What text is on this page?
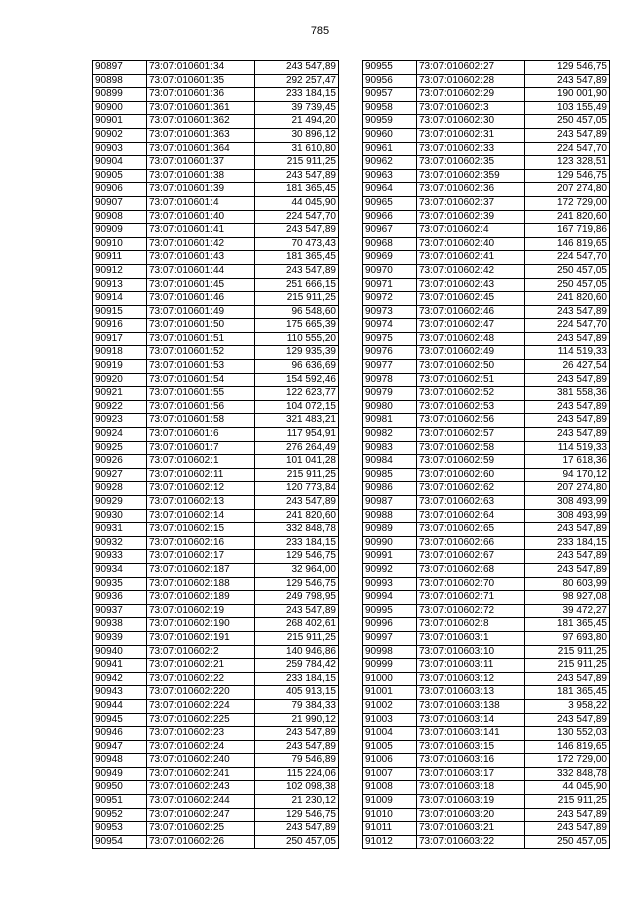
785
90897	73:07:010601:34	243 547,89
90898	73:07:010601:35	292 257,47
90899	73:07:010601:36	233 184,15
90900	73:07:010601:361	39 739,45
90901	73:07:010601:362	21 494,20
90902	73:07:010601:363	30 896,12
90903	73:07:010601:364	31 610,80
90904	73:07:010601:37	215 911,25
90905	73:07:010601:38	243 547,89
90906	73:07:010601:39	181 365,45
90907	73:07:010601:4	44 045,90
90908	73:07:010601:40	224 547,70
90909	73:07:010601:41	243 547,89
90910	73:07:010601:42	70 473,43
90911	73:07:010601:43	181 365,45
90912	73:07:010601:44	243 547,89
90913	73:07:010601:45	251 666,15
90914	73:07:010601:46	215 911,25
90915	73:07:010601:49	96 548,60
90916	73:07:010601:50	175 665,39
90917	73:07:010601:51	110 555,20
90918	73:07:010601:52	129 935,39
90919	73:07:010601:53	96 636,69
90920	73:07:010601:54	154 592,46
90921	73:07:010601:55	122 623,77
90922	73:07:010601:56	104 072,15
90923	73:07:010601:58	321 483,21
90924	73:07:010601:6	117 954,91
90925	73:07:010601:7	276 264,49
90926	73:07:010602:1	101 041,28
90927	73:07:010602:11	215 911,25
90928	73:07:010602:12	120 773,84
90929	73:07:010602:13	243 547,89
90930	73:07:010602:14	241 820,60
90931	73:07:010602:15	332 848,78
90932	73:07:010602:16	233 184,15
90933	73:07:010602:17	129 546,75
90934	73:07:010602:187	32 964,00
90935	73:07:010602:188	129 546,75
90936	73:07:010602:189	249 798,95
90937	73:07:010602:19	243 547,89
90938	73:07:010602:190	268 402,61
90939	73:07:010602:191	215 911,25
90940	73:07:010602:2	140 946,86
90941	73:07:010602:21	259 784,42
90942	73:07:010602:22	233 184,15
90943	73:07:010602:220	405 913,15
90944	73:07:010602:224	79 384,33
90945	73:07:010602:225	21 990,12
90946	73:07:010602:23	243 547,89
90947	73:07:010602:24	243 547,89
90948	73:07:010602:240	79 546,89
90949	73:07:010602:241	115 224,06
90950	73:07:010602:243	102 098,38
90951	73:07:010602:244	21 230,12
90952	73:07:010602:247	129 546,75
90953	73:07:010602:25	243 547,89
90954	73:07:010602:26	250 457,05
90955	73:07:010602:27	129 546,75
90956	73:07:010602:28	243 547,89
90957	73:07:010602:29	190 001,90
90958	73:07:010602:3	103 155,49
90959	73:07:010602:30	250 457,05
90960	73:07:010602:31	243 547,89
90961	73:07:010602:33	224 547,70
90962	73:07:010602:35	123 328,51
90963	73:07:010602:359	129 546,75
90964	73:07:010602:36	207 274,80
90965	73:07:010602:37	172 729,00
90966	73:07:010602:39	241 820,60
90967	73:07:010602:4	167 719,86
90968	73:07:010602:40	146 819,65
90969	73:07:010602:41	224 547,70
90970	73:07:010602:42	250 457,05
90971	73:07:010602:43	250 457,05
90972	73:07:010602:45	241 820,60
90973	73:07:010602:46	243 547,89
90974	73:07:010602:47	224 547,70
90975	73:07:010602:48	243 547,89
90976	73:07:010602:49	114 519,33
90977	73:07:010602:50	26 427,54
90978	73:07:010602:51	243 547,89
90979	73:07:010602:52	381 558,36
90980	73:07:010602:53	243 547,89
90981	73:07:010602:56	243 547,89
90982	73:07:010602:57	243 547,89
90983	73:07:010602:58	114 519,33
90984	73:07:010602:59	17 618,36
90985	73:07:010602:60	94 170,12
90986	73:07:010602:62	207 274,80
90987	73:07:010602:63	308 493,99
90988	73:07:010602:64	308 493,99
90989	73:07:010602:65	243 547,89
90990	73:07:010602:66	233 184,15
90991	73:07:010602:67	243 547,89
90992	73:07:010602:68	243 547,89
90993	73:07:010602:70	80 603,99
90994	73:07:010602:71	98 927,08
90995	73:07:010602:72	39 472,27
90996	73:07:010602:8	181 365,45
90997	73:07:010603:1	97 693,80
90998	73:07:010603:10	215 911,25
90999	73:07:010603:11	215 911,25
91000	73:07:010603:12	243 547,89
91001	73:07:010603:13	181 365,45
91002	73:07:010603:138	3 958,22
91003	73:07:010603:14	243 547,89
91004	73:07:010603:141	130 552,03
91005	73:07:010603:15	146 819,65
91006	73:07:010603:16	172 729,00
91007	73:07:010603:17	332 848,78
91008	73:07:010603:18	44 045,90
91009	73:07:010603:19	215 911,25
91010	73:07:010603:20	243 547,89
91011	73:07:010603:21	243 547,89
91012	73:07:010603:22	250 457,05
